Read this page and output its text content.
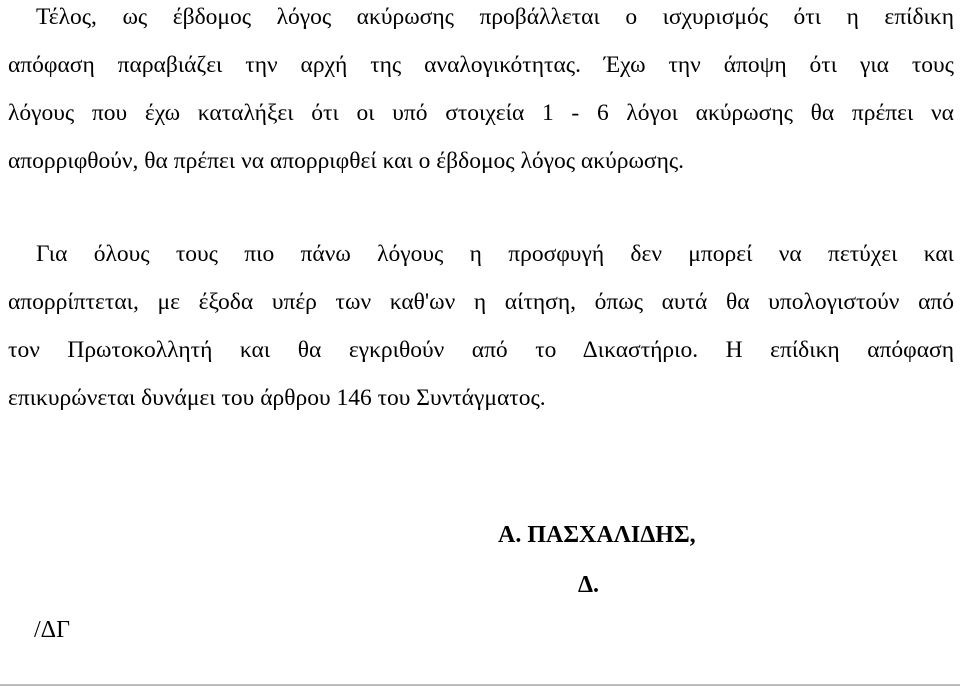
Τέλος, ως έβδομος λόγος ακύρωσης προβάλλεται ο ισχυρισμός ότι η επίδικη
απόφαση παραβιάζει την αρχή της αναλογικότητας. Έχω την άποψη ότι για τους
λόγους που έχω καταλήξει ότι οι υπό στοιχεία 1 - 6 λόγοι ακύρωσης θα πρέπει να
απορριφθούν, θα πρέπει να απορριφθεί και ο έβδομος λόγος ακύρωσης.
Για όλους τους πιο πάνω λόγους η προσφυγή δεν μπορεί να πετύχει και
απορρίπτεται, με έξοδα υπέρ των καθ'ων η αίτηση, όπως αυτά θα υπολογιστούν από
τον Πρωτοκολλητή και θα εγκριθούν από το Δικαστήριο. Η επίδικη απόφαση
επικυρώνεται δυνάμει του άρθρου 146 του Συντάγματος.
Α. ΠΑΣΧΑΛΙΔΗΣ,
Δ.
/ΔΓ
